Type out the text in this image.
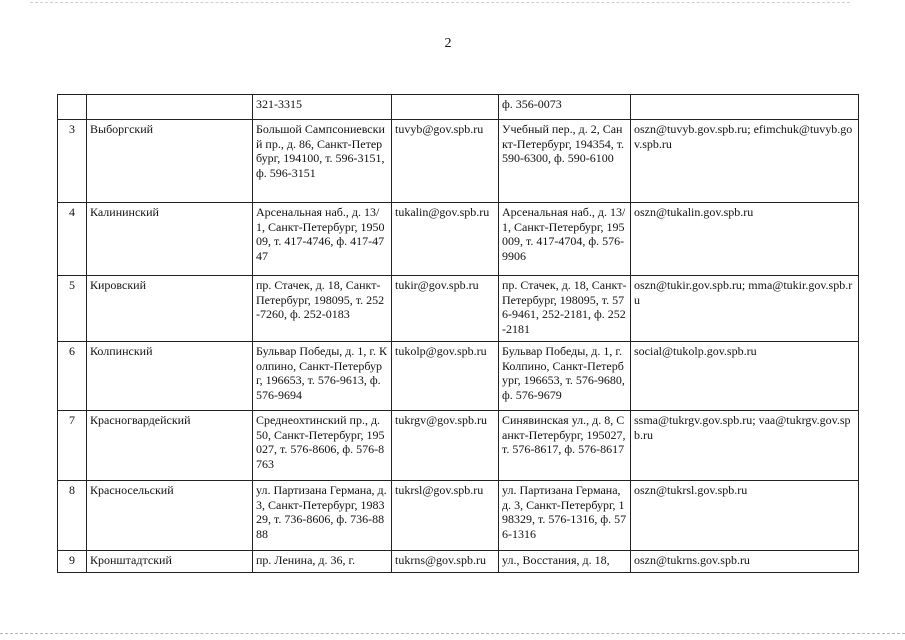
2
		321-3315		ф. 356-0073	
3	Выборгский	Большой Сампсониевский пр., д. 86, Санкт-Петербург, 194100, т. 596-3151, ф. 596-3151	tuvyb@gov.spb.ru	Учебный пер., д. 2, Санкт-Петербург, 194354, т. 590-6300, ф. 590-6100	oszn@tuvyb.gov.spb.ru; efimchuk@tuvyb.gov.spb.ru
4	Калининский	Арсенальная наб., д. 13/1, Санкт-Петербург, 195009, т. 417-4746, ф. 417-4747	tukalin@gov.spb.ru	Арсенальная наб., д. 13/1, Санкт-Петербург, 195009, т. 417-4704, ф. 576-9906	oszn@tukalin.gov.spb.ru
5	Кировский	пр. Стачек, д. 18, Санкт-Петербург, 198095, т. 252-7260, ф. 252-0183	tukir@gov.spb.ru	пр. Стачек, д. 18, Санкт-Петербург, 198095, т. 576-9461, 252-2181, ф. 252-2181	oszn@tukir.gov.spb.ru; mma@tukir.gov.spb.ru
6	Колпинский	Бульвар Победы, д. 1, г. Колпино, Санкт-Петербург, 196653, т. 576-9613, ф. 576-9694	tukolp@gov.spb.ru	Бульвар Победы, д. 1, г. Колпино, Санкт-Петербург, 196653, т. 576-9680, ф. 576-9679	social@tukolp.gov.spb.ru
7	Красногвардейский	Среднеохтинский пр., д. 50, Санкт-Петербург, 195027, т. 576-8606, ф. 576-8763	tukrgv@gov.spb.ru	Синявинская ул., д. 8, Санкт-Петербург, 195027, т. 576-8617, ф. 576-8617	ssma@tukrgv.gov.spb.ru; vaa@tukrgv.gov.spb.ru
8	Красносельский	ул. Партизана Германа, д. 3, Санкт-Петербург, 198329, т. 736-8606, ф. 736-8888	tukrsl@gov.spb.ru	ул. Партизана Германа, д. 3, Санкт-Петербург, 198329, т. 576-1316, ф. 576-1316	oszn@tukrsl.gov.spb.ru
9	Кронштадтский	пр. Ленина, д. 36, г.	tukrns@gov.spb.ru	ул., Восстания, д. 18,	oszn@tukrns.gov.spb.ru
